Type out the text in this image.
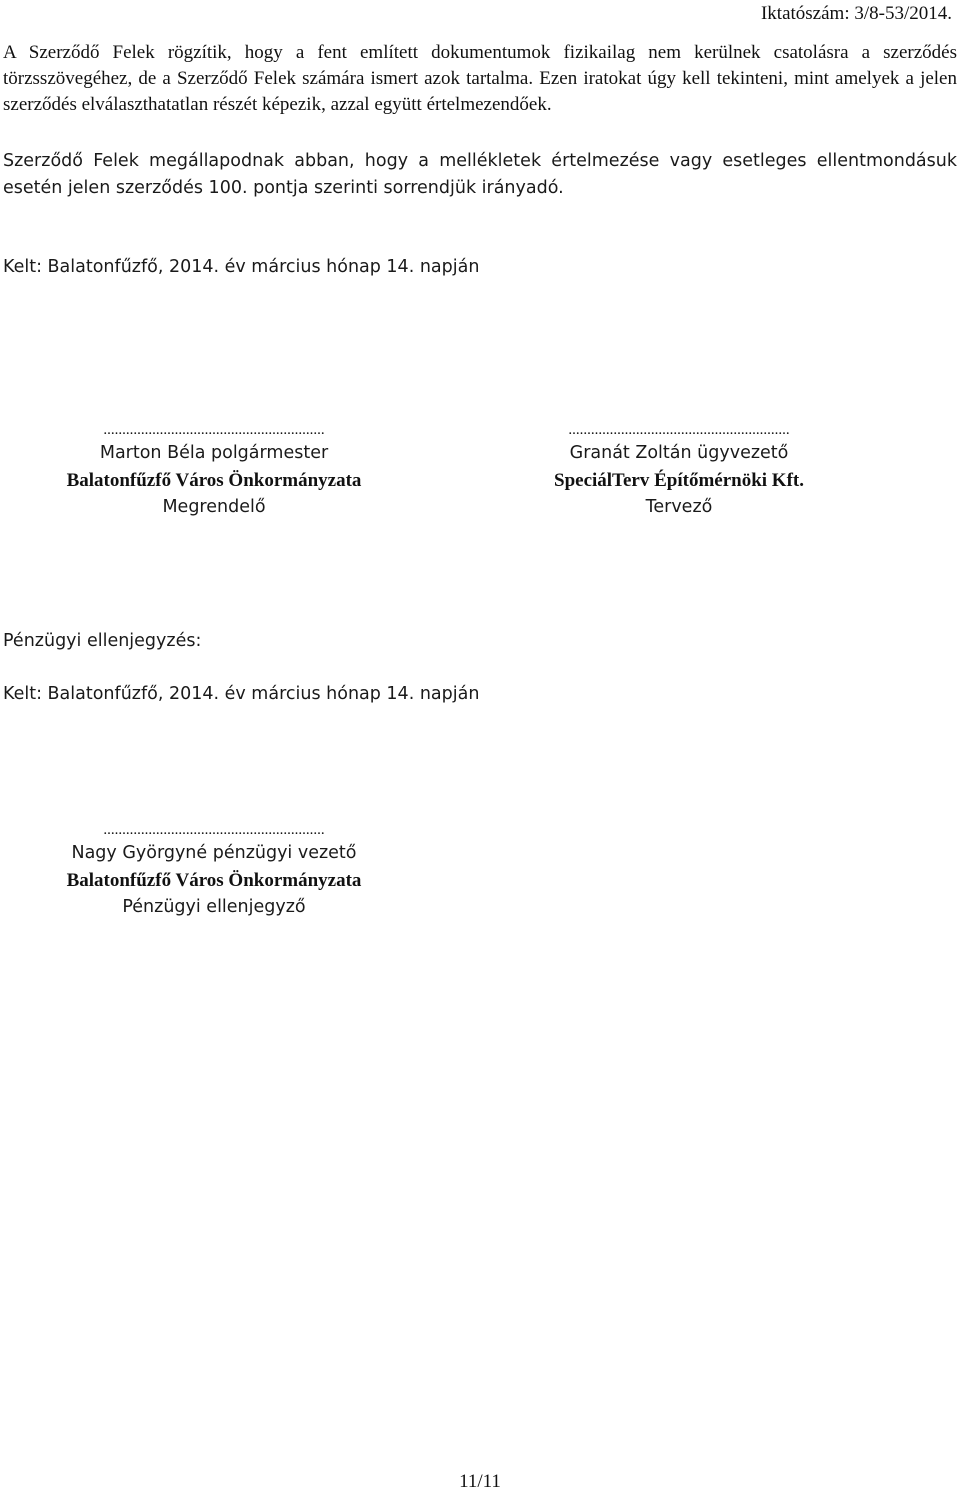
Iktatószám: 3/8-53/2014.
A Szerződő Felek rögzítik, hogy a fent említett dokumentumok fizikailag nem kerülnek csatolásra a szerződés törzsszövegéhez, de a Szerződő Felek számára ismert azok tartalma. Ezen iratokat úgy kell tekinteni, mint amelyek a jelen szerződés elválaszthatatlan részét képezik, azzal együtt értelmezendőek.
Szerződő Felek megállapodnak abban, hogy a mellékletek értelmezése vagy esetleges ellentmondásuk esetén jelen szerződés 100. pontja szerinti sorrendjük irányadó.
Kelt: Balatonfűzfő, 2014. év március hónap 14. napján
...........................................................
Marton Béla polgármester
Balatonfűzfő Város Önkormányzata
Megrendelő
...........................................................
Granát Zoltán ügyvezető
SpeciálTerv Építőmérnöki Kft.
Tervező
Pénzügyi ellenjegyzés:
Kelt: Balatonfűzfő, 2014. év március hónap 14. napján
...........................................................
Nagy Györgyné pénzügyi vezető
Balatonfűzfő Város Önkormányzata
Pénzügyi ellenjegyző
11/11
